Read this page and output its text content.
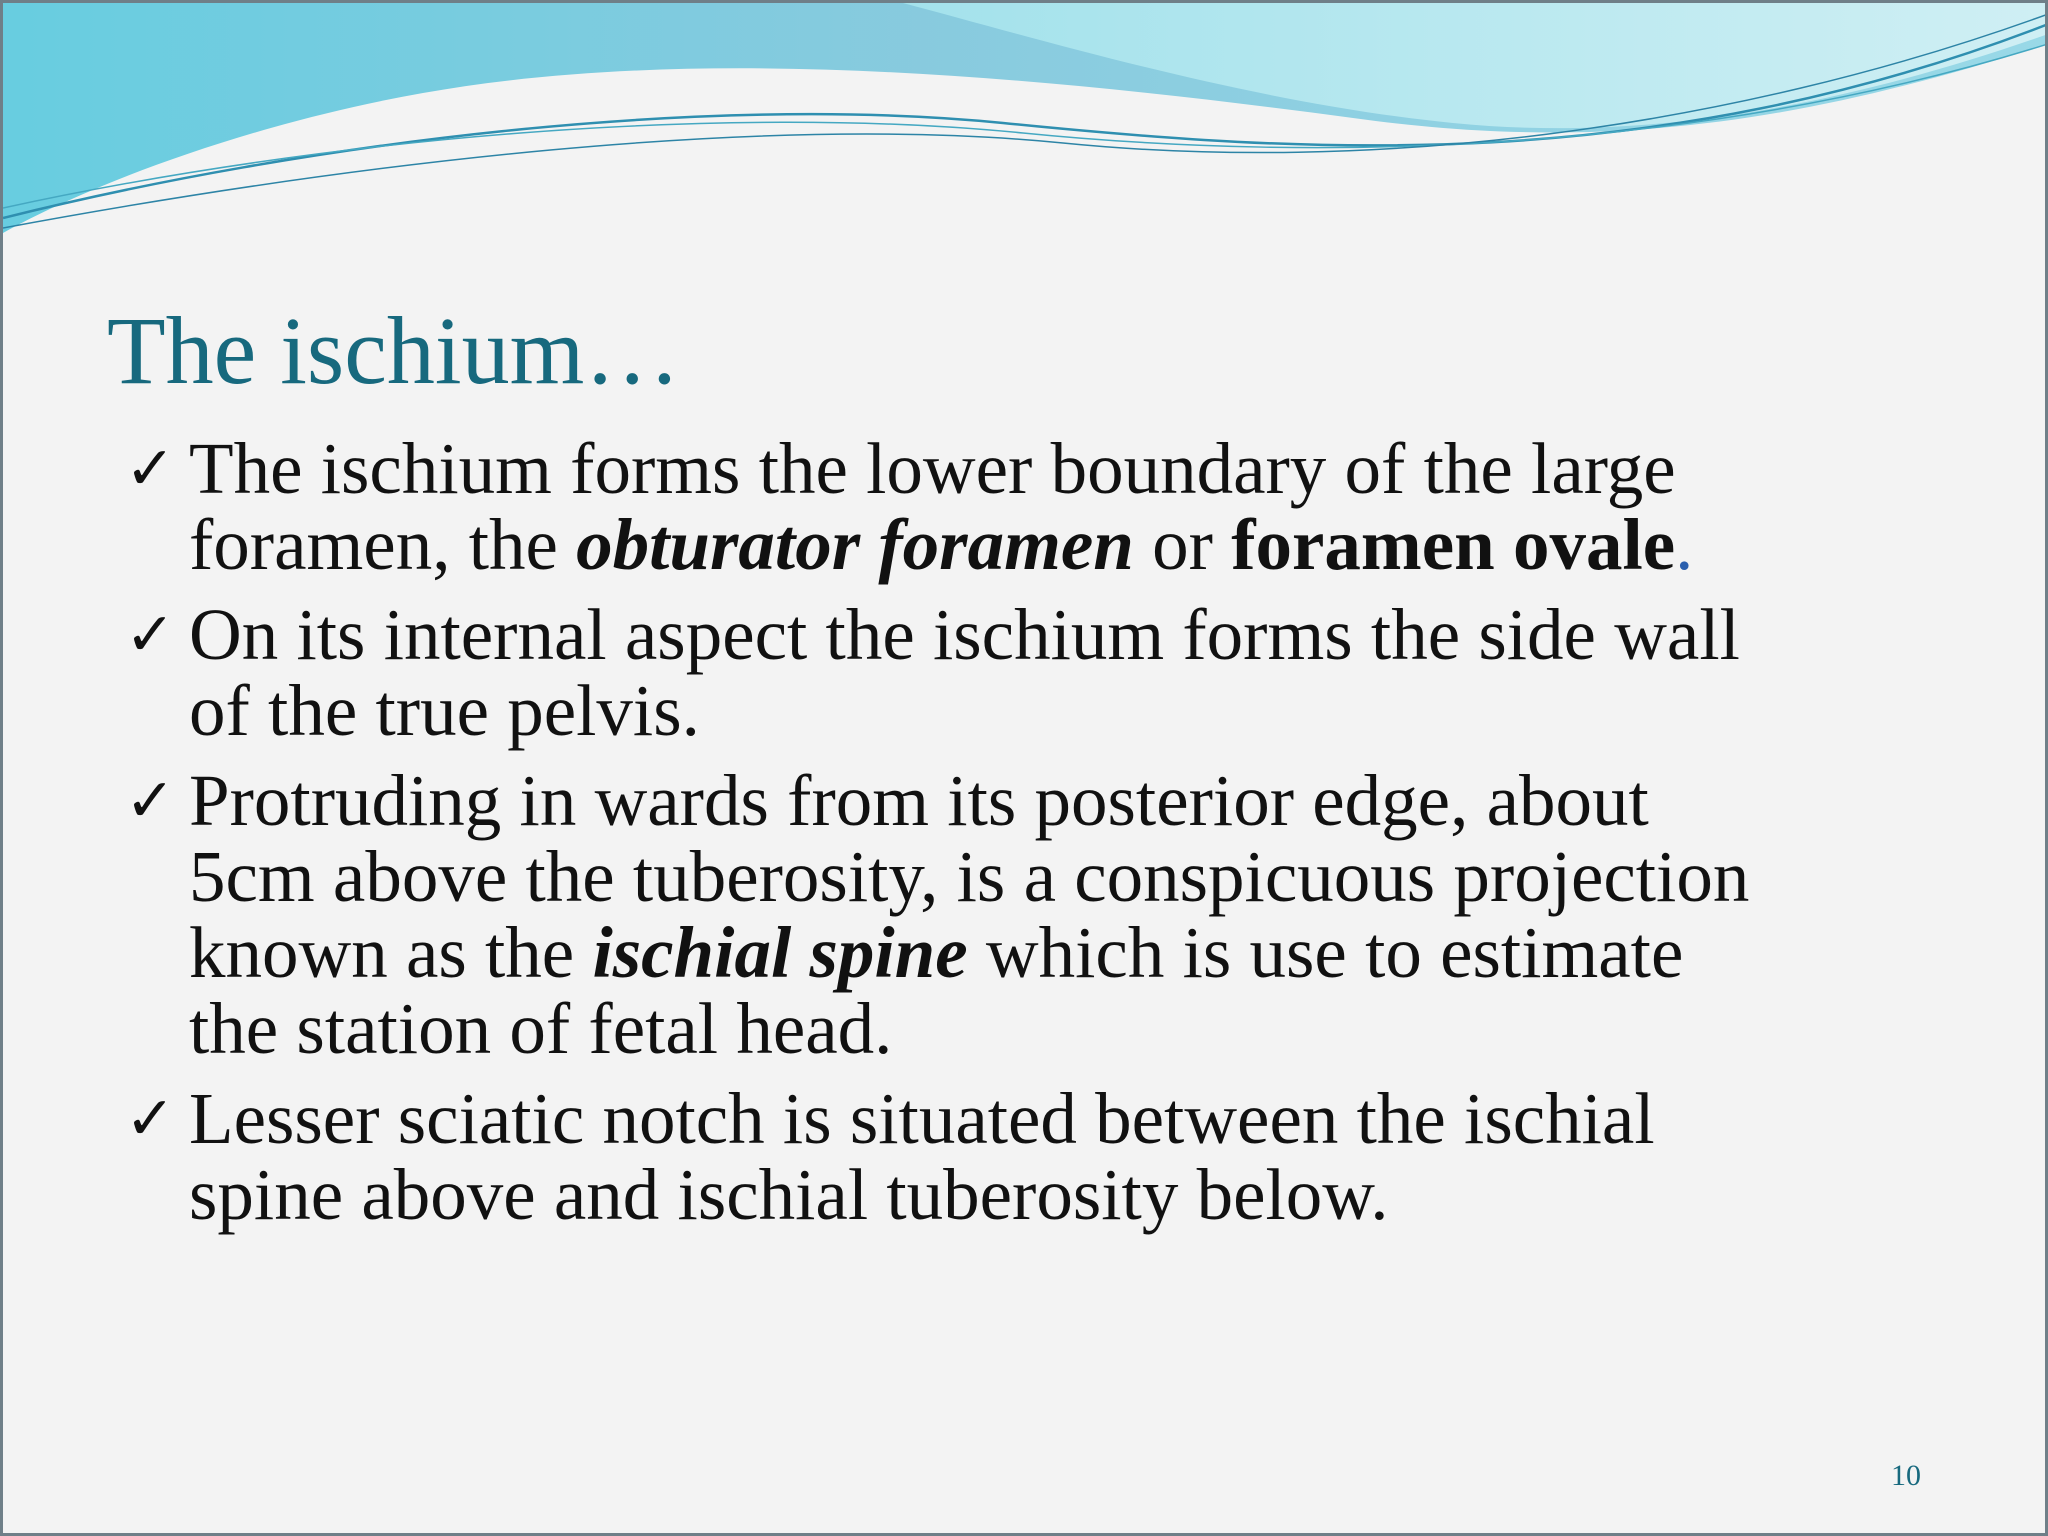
The ischium…
✓ The ischium forms the lower boundary of the large
foramen, the obturator foramen or foramen ovale.
✓ On its internal aspect the ischium forms the side wall
of the true pelvis.
✓ Protruding in wards from its posterior edge, about
5cm above the tuberosity, is a conspicuous projection
known as the ischial spine which is use to estimate
the station of fetal head.
✓ Lesser sciatic notch is situated between the ischial
spine above and ischial tuberosity below.
10
